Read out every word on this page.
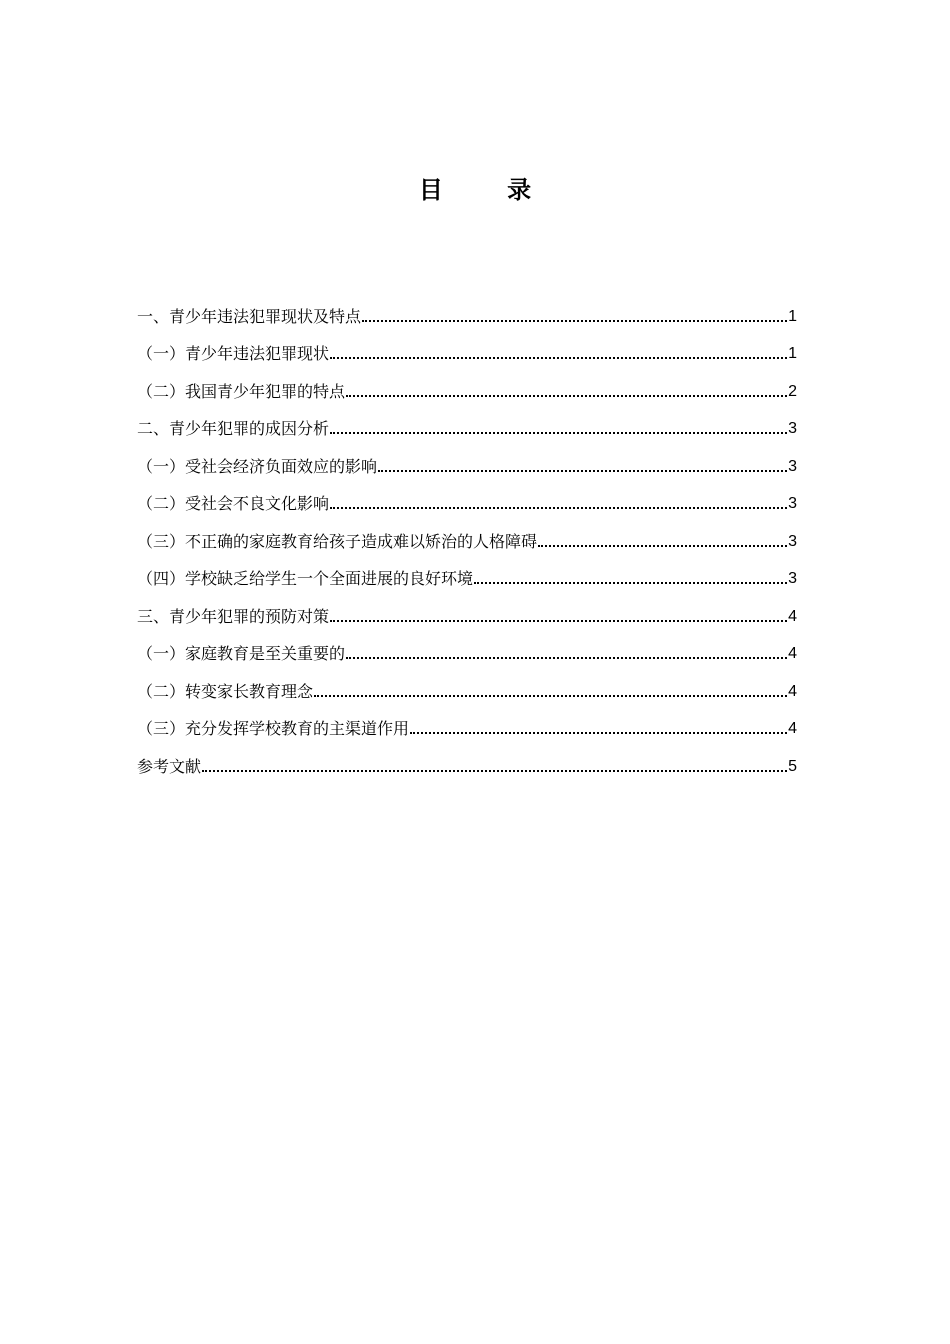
目 录
一、青少年违法犯罪现状及特点	1
（一）青少年违法犯罪现状	1
（二）我国青少年犯罪的特点	2
二、青少年犯罪的成因分析	3
（一）受社会经济负面效应的影响	3
（二）受社会不良文化影响	3
（三）不正确的家庭教育给孩子造成难以矫治的人格障碍	3
（四）学校缺乏给学生一个全面进展的良好环境	3
三、青少年犯罪的预防对策	4
（一）家庭教育是至关重要的	4
（二）转变家长教育理念	4
（三）充分发挥学校教育的主渠道作用	4
参考文献	5
